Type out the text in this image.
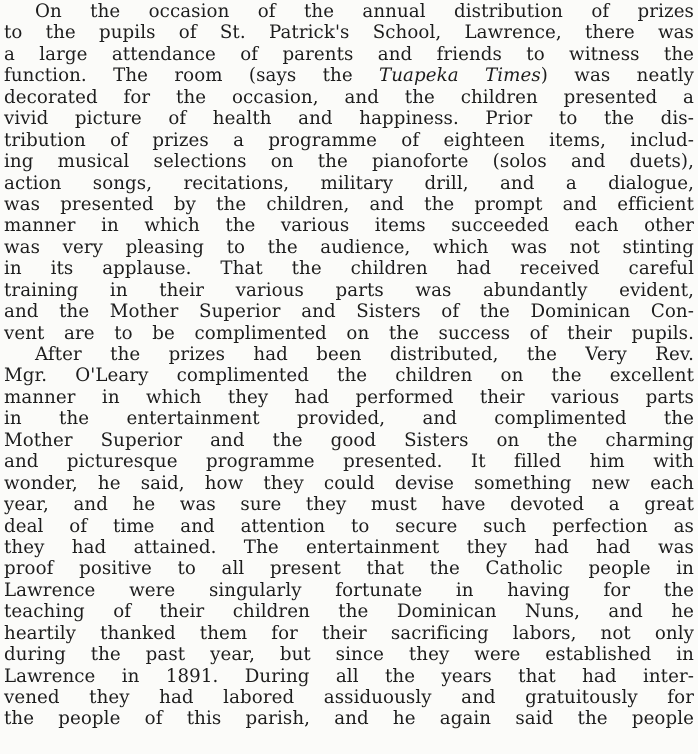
On the occasion of the annual distribution of prizes
to the pupils of St. Patrick's School, Lawrence, there was
a large attendance of parents and friends to witness the
function. The room (says the Tuapeka Times) was neatly
decorated for the occasion, and the children presented a
vivid picture of health and happiness. Prior to the dis-
tribution of prizes a programme of eighteen items, includ-
ing musical selections on the pianoforte (solos and duets),
action songs, recitations, military drill, and a dialogue,
was presented by the children, and the prompt and efficient
manner in which the various items succeeded each other
was very pleasing to the audience, which was not stinting
in its applause. That the children had received careful
training in their various parts was abundantly evident,
and the Mother Superior and Sisters of the Dominican Con-
vent are to be complimented on the success of their pupils.
After the prizes had been distributed, the Very Rev.
Mgr. O'Leary complimented the children on the excellent
manner in which they had performed their various parts
in the entertainment provided, and complimented the
Mother Superior and the good Sisters on the charming
and picturesque programme presented. It filled him with
wonder, he said, how they could devise something new each
year, and he was sure they must have devoted a great
deal of time and attention to secure such perfection as
they had attained. The entertainment they had had was
proof positive to all present that the Catholic people in
Lawrence were singularly fortunate in having for the
teaching of their children the Dominican Nuns, and he
heartily thanked them for their sacrificing labors, not only
during the past year, but since they were established in
Lawrence in 1891. During all the years that had inter-
vened they had labored assiduously and gratuitously for
the people of this parish, and he again said the people
